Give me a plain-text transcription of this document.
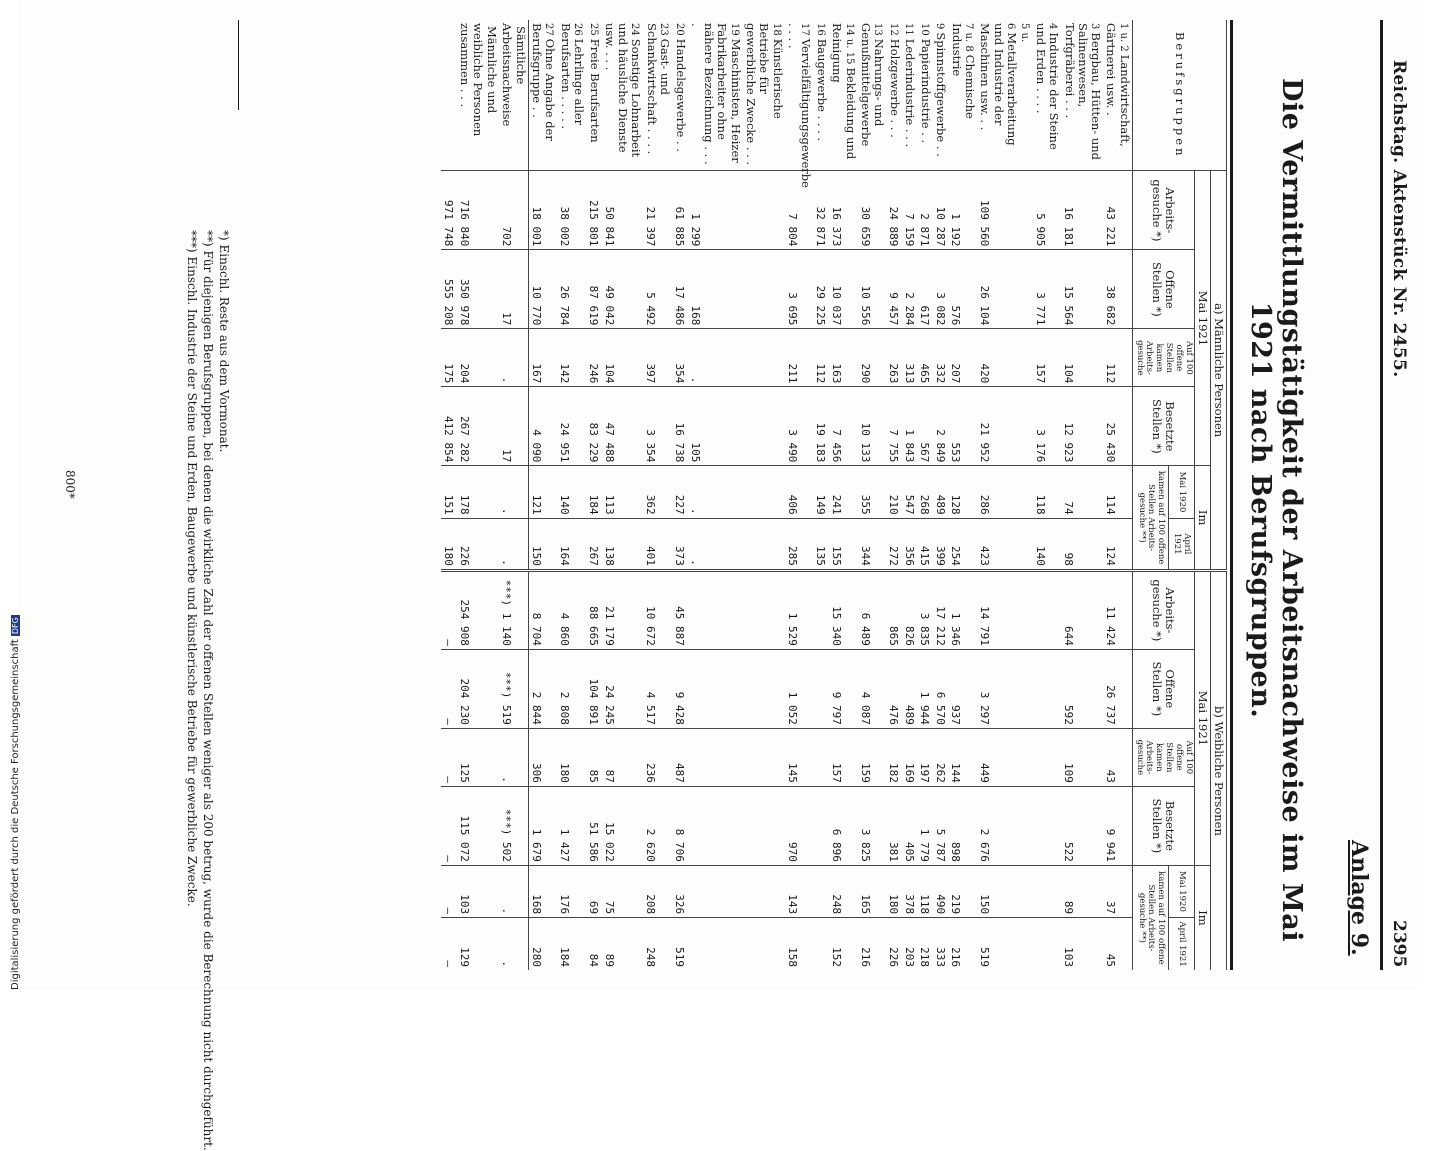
Reichstag. Aktenstück Nr. 2455.
2395
Anlage 9.
Die Vermittlungstätigkeit der Arbeitsnachweise im Mai 1921 nach Berufsgruppen.
Berufsgruppen	a) Männliche Personen						b) Weibliche Personen					
	Mai 1921				Im		Mai 1921				Im	
	Arbeits-gesuche *)	Offene Stellen *)	Auf 100 offene Stellen kamen Arbeits-gesuche	Besetzte Stellen *)	Mai 1920	April 1921	Arbeits-gesuche *)	Offene Stellen *)	Auf 100 offene Stellen kamen Arbeits-gesuche	Besetzte Stellen *)	Mai 1920	April 1921
					kamen auf 100 offene Stellen Arbeits-gesuche **)						kamen auf 100 offene Stellen Arbeits-gesuche **)	
1 u. 2Landwirtschaft, Gärtnerei usw. .	43 221	38 682	112	25 430	114	124	11 424	26 737	43	9 941	37	45
3Bergbau, Hütten- und Salinenwesen, Torfgräberei . . .	16 181	15 564	104	12 923	74	98	644	592	109	522	89	103
4Industrie der Steine und Erden . . . .	5 905	3 771	157	3 176	118	140						
5 u. 6Metallverarbeitung und Industrie der Maschinen usw. . .	109 560	26 104	420	21 952	286	423	14 791	3 297	449	2 676	150	519
7 u. 8Chemische Industrie	1 192	576	207	553	128	254	1 346	937	144	898	219	216
9Spinnstoffgewerbe . .	10 287	3 082	332	2 849	489	399	17 212	6 570	262	5 787	490	333
10Papierindustrie . .	2 871	617	465	567	268	415	3 835	1 944	197	1 779	118	218
11Lederindustrie . . .	7 159	2 284	313	1 843	547	356	826	489	169	405	378	203
12Holzgewerbe . . .	24 889	9 457	263	7 755	210	272	865	476	182	381	180	226
13Nahrungs- und Genußmittelgewerbe	30 659	10 556	290	10 133	355	344	6 489	4 087	159	3 825	165	216
14 u. 15Bekleidung und Reinigung	16 373	10 037	163	7 456	241	155	15 340	9 797	157	6 896	248	152
16Baugewerbe . . . .	32 871	29 225	112	19 183	149	135						
17Vervielfältigungsgewerbe . . . .	7 804	3 695	211	3 490	406	285	1 529	1 052	145	970	143	158
18Künstlerische Betriebe für gewerbliche Zwecke . . .												
19Maschinisten, Heizer Fabrikarbeiter ohne nähere Bezeichnung . . . .	1 299	168	.	105	.	.						
20Handelsgewerbe . .	61 885	17 486	354	16 738	227	373	45 887	9 428	487	8 706	326	519
23Gast- und Schankwirtschaft . . . .	21 397	5 492	397	3 354	362	401	10 672	4 517	236	2 620	208	248
24Sonstige Lohnarbeit und häusliche Dienste usw. . . .	50 841	49 042	104	47 488	113	138	21 179	24 245	87	15 022	75	89
25Freie Berufsarten	215 801	87 619	246	83 229	184	267	88 665	104 891	85	51 586	69	84
26Lehrlinge aller Berufsarten . . . . .	38 002	26 784	142	24 951	140	164	4 860	2 808	180	1 427	176	184
27Ohne Angabe der Berufsgruppe . .	18 001	10 770	167	4 090	121	150	8 704	2 844	306	1 679	168	280
Sämtliche Arbeitsnachweise	702	17	.	17	.	.	***) 1 140	***) 519	.	***) 502	.	.
Männliche und weibliche Personen zusammen . . .	716 840	350 978	204	267 282	178	226	254 908	204 230	125	115 072	103	129
	971 748	555 208	175	412 854	151	180	—	—	—	—	—	—
*) Einschl. Reste aus dem Vormonat.
**) Für diejenigen Berufsgruppen, bei denen die wirkliche Zahl der offenen Stellen weniger als 200 betrug, wurde die Berechnung nicht durchgeführt.
***) Einschl. Industrie der Steine und Erden, Baugewerbe und künstlerische Betriebe für gewerbliche Zwecke.
800*
Digitalisierung gefördert durch die Deutsche ForschungsgemeinschaftDFG
